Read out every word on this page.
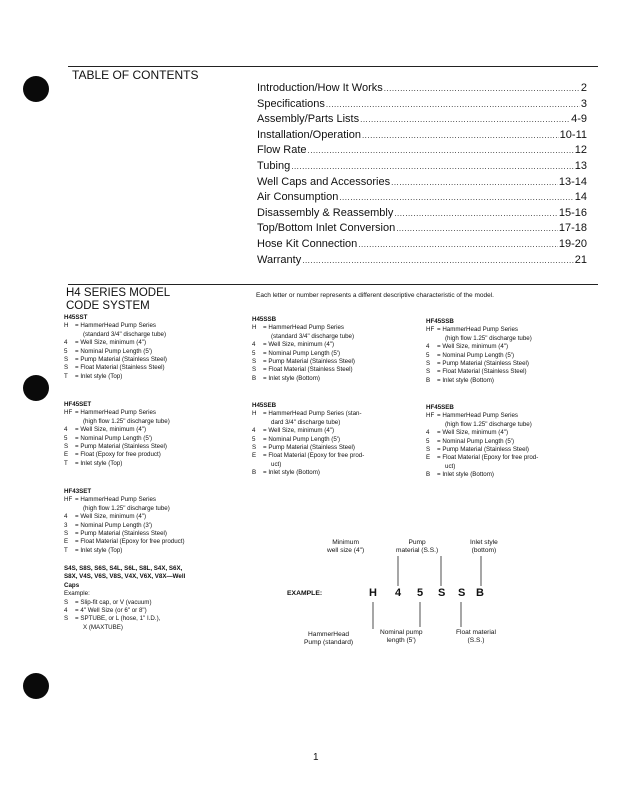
TABLE OF CONTENTS
Introduction/How It Works .....	2
Specifications .....	3
Assembly/Parts Lists .....	4-9
Installation/Operation .....	10-11
Flow Rate .....	12
Tubing .....	13
Well Caps and Accessories .....	13-14
Air Consumption .....	14
Disassembly & Reassembly .....	15-16
Top/Bottom Inlet Conversion .....	17-18
Hose Kit Connection .....	19-20
Warranty .....	21
H4 SERIES MODEL
CODE SYSTEM
Each letter or number represents a different descriptive characteristic of the model.
H45SST
H	= HammerHead Pump Series
(standard 3/4" discharge tube)
4	= Well Size, minimum (4")
5	= Nominal Pump Length (5')
S	= Pump Material (Stainless Steel)
S	= Float Material (Stainless Steel)
T	= Inlet style (Top)
H45SSB
H	= HammerHead Pump Series
(standard 3/4" discharge tube)
4	= Well Size, minimum (4")
5	= Nominal Pump Length (5')
S	= Pump Material (Stainless Steel)
S	= Float Material (Stainless Steel)
B	= Inlet style (Bottom)
HF45SSB
HF = HammerHead Pump Series
(high flow 1.25" discharge tube)
4	= Well Size, minimum (4")
5	= Nominal Pump Length (5')
S	= Pump Material (Stainless Steel)
S	= Float Material (Stainless Steel)
B	= Inlet style (Bottom)
HF45SET
HF = HammerHead Pump Series
(high flow 1.25" discharge tube)
4	= Well Size, minimum (4")
5	= Nominal Pump Length (5')
S	= Pump Material (Stainless Steel)
E	= Float (Epoxy for free product)
T	= Inlet style (Top)
H45SEB
H	= HammerHead Pump Series (stan-
dard 3/4" discharge tube)
4	= Well Size, minimum (4")
5	= Nominal Pump Length (5')
S	= Pump Material (Stainless Steel)
E	= Float Material (Epoxy for free prod-
uct)
B	= Inlet style (Bottom)
HF45SEB
HF = HammerHead Pump Series
(high flow 1.25" discharge tube)
4	= Well Size, minimum (4")
5	= Nominal Pump Length (5')
S	= Pump Material (Stainless Steel)
E	= Float Material (Epoxy for free prod-
uct)
B	= Inlet style (Bottom)
HF43SET
HF = HammerHead Pump Series
(high flow 1.25" discharge tube)
4	= Well Size, minimum (4")
3	= Nominal Pump Length (3')
S	= Pump Material (Stainless Steel)
E	= Float Material (Epoxy for free product)
T	= Inlet style (Top)
S4S, S8S, S6S, S4L, S6L, S8L, S4X, S6X,
S8X, V4S, V6S, V8S, V4X, V6X, V8X—Well
Caps
Example:
S	= Slip-fit cap, or V (vacuum)
4	= 4" Well Size (or 6" or 8")
S	= SPTUBE, or L (hose, 1" I.D.),
X (MAXTUBE)
Minimum
well size (4")
Pump
material (S.S.)
Inlet style
(bottom)
EXAMPLE:	H 4 5 S S B
HammerHead
Pump (standard)
Nominal pump
length (5')
Float material
(S.S.)
1
